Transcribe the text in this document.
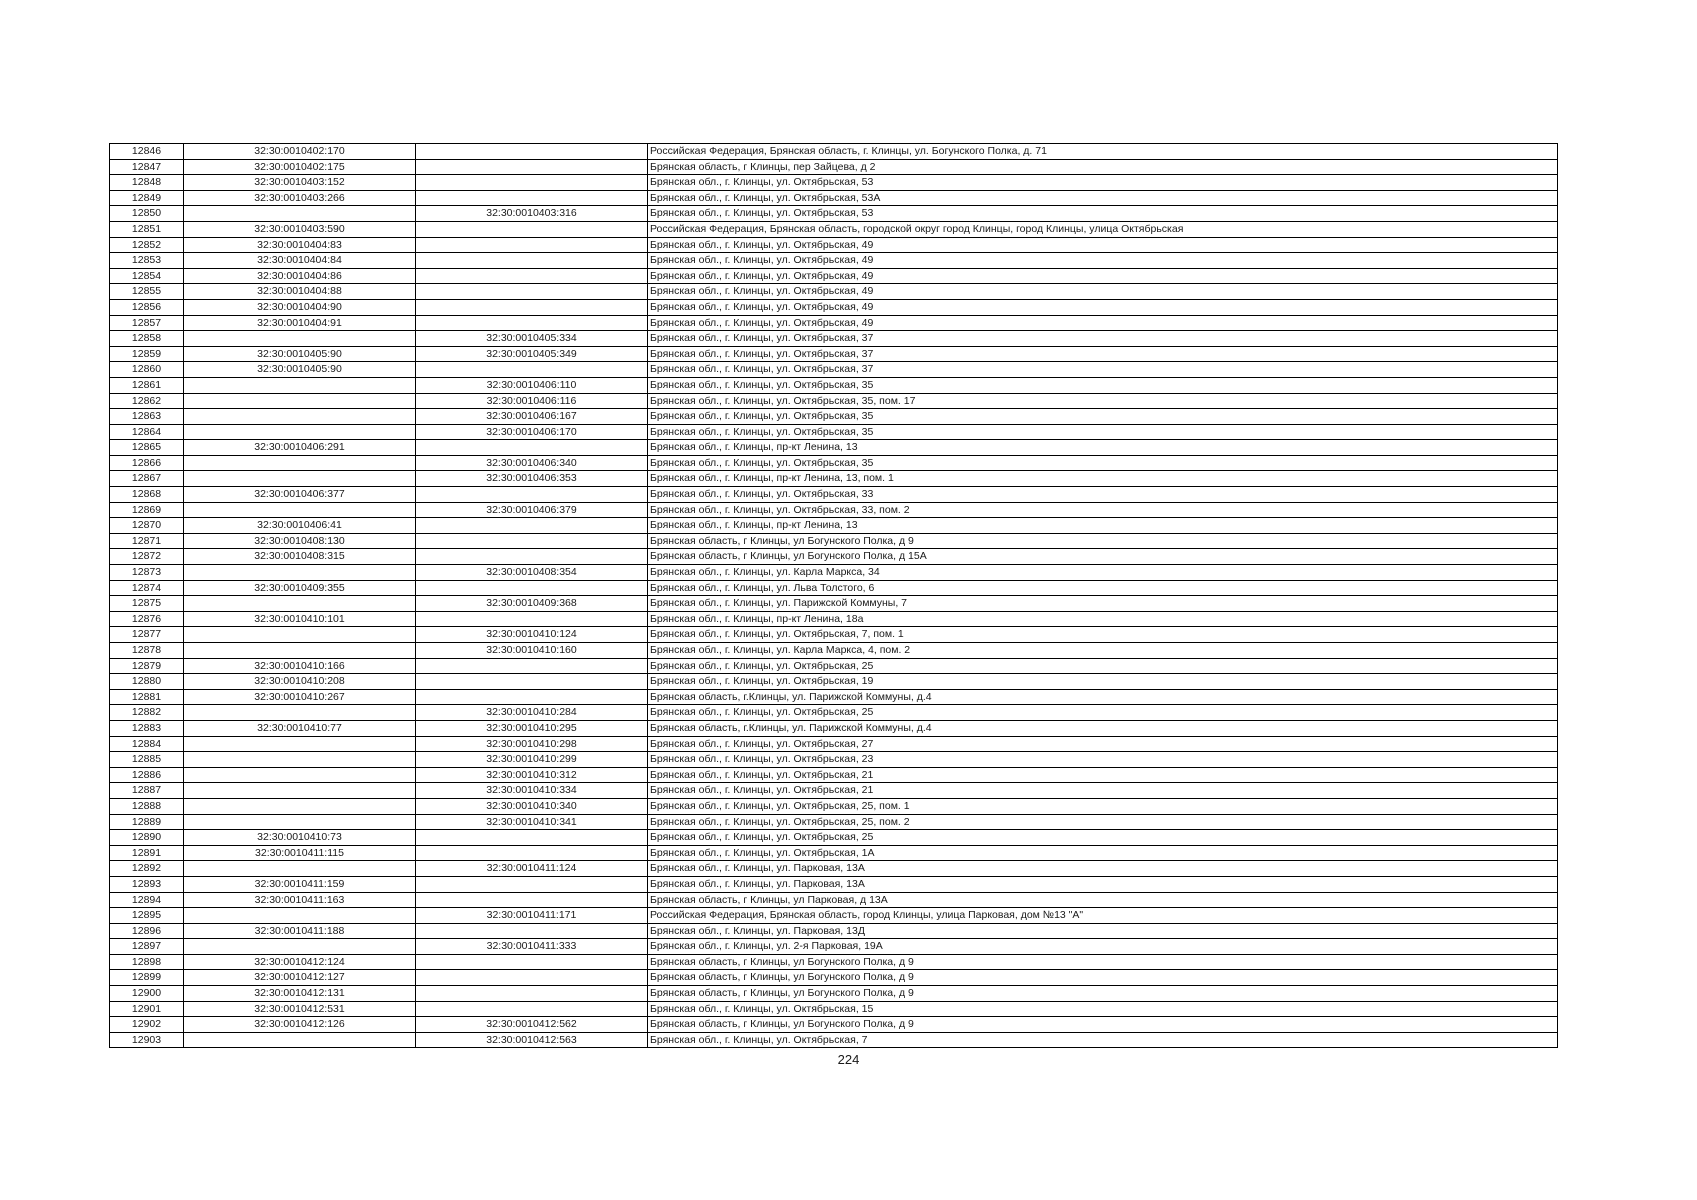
12846	32:30:0010402:170		Российская Федерация, Брянская область, г. Клинцы, ул. Богунского Полка, д. 71
12847	32:30:0010402:175		Брянская область, г Клинцы, пер Зайцева, д 2
12848	32:30:0010403:152		Брянская обл., г. Клинцы, ул. Октябрьская, 53
12849	32:30:0010403:266		Брянская обл., г. Клинцы, ул. Октябрьская, 53А
12850		32:30:0010403:316	Брянская обл., г. Клинцы, ул. Октябрьская, 53
12851	32:30:0010403:590		Российская Федерация, Брянская область, городской округ город Клинцы, город Клинцы, улица Октябрьская
12852	32:30:0010404:83		Брянская обл., г. Клинцы, ул. Октябрьская, 49
12853	32:30:0010404:84		Брянская обл., г. Клинцы, ул. Октябрьская, 49
12854	32:30:0010404:86		Брянская обл., г. Клинцы, ул. Октябрьская, 49
12855	32:30:0010404:88		Брянская обл., г. Клинцы, ул. Октябрьская, 49
12856	32:30:0010404:90		Брянская обл., г. Клинцы, ул. Октябрьская, 49
12857	32:30:0010404:91		Брянская обл., г. Клинцы, ул. Октябрьская, 49
12858		32:30:0010405:334	Брянская обл., г. Клинцы, ул. Октябрьская, 37
12859	32:30:0010405:90	32:30:0010405:349	Брянская обл., г. Клинцы, ул. Октябрьская, 37
12860	32:30:0010405:90		Брянская обл., г. Клинцы, ул. Октябрьская, 37
12861		32:30:0010406:110	Брянская обл., г. Клинцы, ул. Октябрьская, 35
12862		32:30:0010406:116	Брянская обл., г. Клинцы, ул. Октябрьская, 35, пом. 17
12863		32:30:0010406:167	Брянская обл., г. Клинцы, ул. Октябрьская, 35
12864		32:30:0010406:170	Брянская обл., г. Клинцы, ул. Октябрьская, 35
12865	32:30:0010406:291		Брянская обл., г. Клинцы, пр-кт Ленина, 13
12866		32:30:0010406:340	Брянская обл., г. Клинцы, ул. Октябрьская, 35
12867		32:30:0010406:353	Брянская обл., г. Клинцы, пр-кт Ленина, 13, пом. 1
12868	32:30:0010406:377		Брянская обл., г. Клинцы, ул. Октябрьская, 33
12869		32:30:0010406:379	Брянская обл., г. Клинцы, ул. Октябрьская, 33, пом. 2
12870	32:30:0010406:41		Брянская обл., г. Клинцы, пр-кт Ленина, 13
12871	32:30:0010408:130		Брянская область, г Клинцы, ул Богунского Полка, д 9
12872	32:30:0010408:315		Брянская область, г Клинцы, ул Богунского Полка, д 15А
12873		32:30:0010408:354	Брянская обл., г. Клинцы, ул. Карла Маркса, 34
12874	32:30:0010409:355		Брянская обл., г. Клинцы, ул. Льва Толстого, 6
12875		32:30:0010409:368	Брянская обл., г. Клинцы, ул. Парижской Коммуны, 7
12876	32:30:0010410:101		Брянская обл., г. Клинцы, пр-кт Ленина, 18а
12877		32:30:0010410:124	Брянская обл., г. Клинцы, ул. Октябрьская, 7, пом. 1
12878		32:30:0010410:160	Брянская обл., г. Клинцы, ул. Карла Маркса, 4, пом. 2
12879	32:30:0010410:166		Брянская обл., г. Клинцы, ул. Октябрьская, 25
12880	32:30:0010410:208		Брянская обл., г. Клинцы, ул. Октябрьская, 19
12881	32:30:0010410:267		Брянская область, г.Клинцы, ул. Парижской Коммуны, д.4
12882		32:30:0010410:284	Брянская обл., г. Клинцы, ул. Октябрьская, 25
12883	32:30:0010410:77	32:30:0010410:295	Брянская область, г.Клинцы, ул. Парижской Коммуны, д.4
12884		32:30:0010410:298	Брянская обл., г. Клинцы, ул. Октябрьская, 27
12885		32:30:0010410:299	Брянская обл., г. Клинцы, ул. Октябрьская, 23
12886		32:30:0010410:312	Брянская обл., г. Клинцы, ул. Октябрьская, 21
12887		32:30:0010410:334	Брянская обл., г. Клинцы, ул. Октябрьская, 21
12888		32:30:0010410:340	Брянская обл., г. Клинцы, ул. Октябрьская, 25, пом. 1
12889		32:30:0010410:341	Брянская обл., г. Клинцы, ул. Октябрьская, 25, пом. 2
12890	32:30:0010410:73		Брянская обл., г. Клинцы, ул. Октябрьская, 25
12891	32:30:0010411:115		Брянская обл., г. Клинцы, ул. Октябрьская, 1А
12892		32:30:0010411:124	Брянская обл., г. Клинцы, ул. Парковая, 13А
12893	32:30:0010411:159		Брянская обл., г. Клинцы, ул. Парковая, 13А
12894	32:30:0010411:163		Брянская область, г Клинцы, ул Парковая, д 13А
12895		32:30:0010411:171	Российская Федерация, Брянская область, город Клинцы, улица Парковая, дом №13 "А"
12896	32:30:0010411:188		Брянская обл., г. Клинцы, ул. Парковая, 13Д
12897		32:30:0010411:333	Брянская обл., г. Клинцы, ул. 2-я Парковая, 19А
12898	32:30:0010412:124		Брянская область, г Клинцы, ул Богунского Полка, д 9
12899	32:30:0010412:127		Брянская область, г Клинцы, ул Богунского Полка, д 9
12900	32:30:0010412:131		Брянская область, г Клинцы, ул Богунского Полка, д 9
12901	32:30:0010412:531		Брянская обл., г. Клинцы, ул. Октябрьская, 15
12902	32:30:0010412:126	32:30:0010412:562	Брянская область, г Клинцы, ул Богунского Полка, д 9
12903		32:30:0010412:563	Брянская обл., г. Клинцы, ул. Октябрьская, 7
224
